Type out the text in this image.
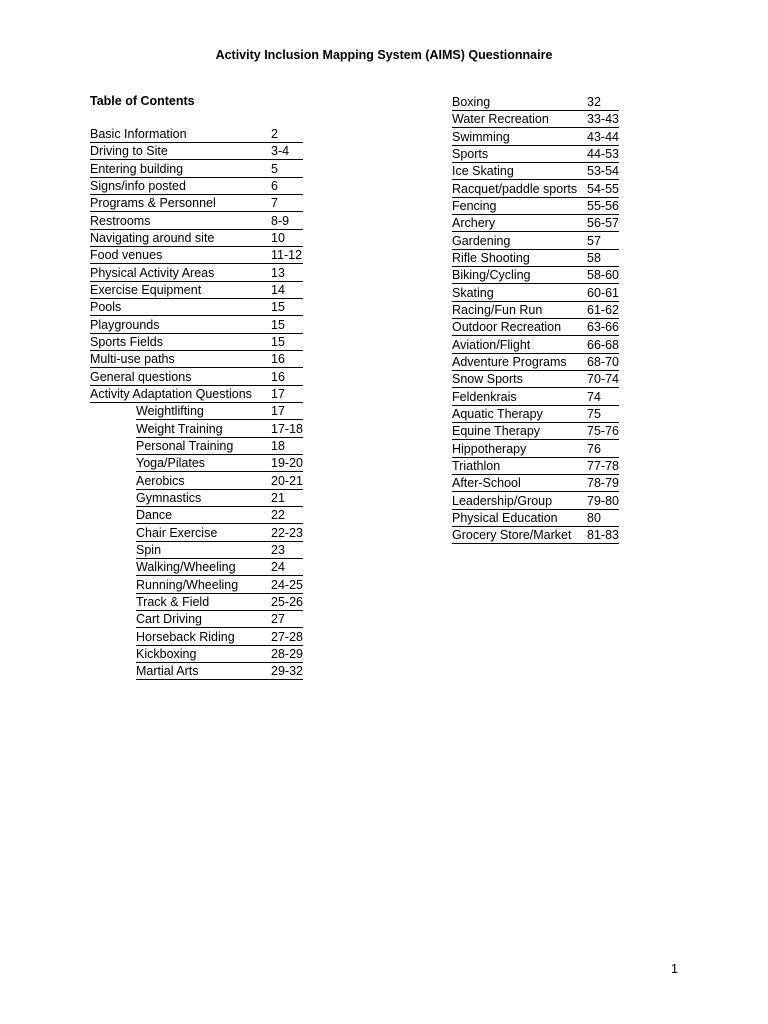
Activity Inclusion Mapping System (AIMS) Questionnaire
Table of Contents
Basic Information	2
Driving to Site	3-4
Entering building	5
Signs/info posted	6
Programs & Personnel	7
Restrooms	8-9
Navigating around site	10
Food venues	11-12
Physical Activity Areas	13
Exercise Equipment	14
Pools	15
Playgrounds	15
Sports Fields	15
Multi-use paths	16
General questions	16
Activity Adaptation Questions	17
Weightlifting	17
Weight Training	17-18
Personal Training	18
Yoga/Pilates	19-20
Aerobics	20-21
Gymnastics	21
Dance	22
Chair Exercise	22-23
Spin	23
Walking/Wheeling	24
Running/Wheeling	24-25
Track & Field	25-26
Cart Driving	27
Horseback Riding	27-28
Kickboxing	28-29
Martial Arts	29-32
Boxing	32
Water Recreation	33-43
Swimming	43-44
Sports	44-53
Ice Skating	53-54
Racquet/paddle sports 54-55
Fencing	55-56
Archery	56-57
Gardening	57
Rifle Shooting	58
Biking/Cycling	58-60
Skating	60-61
Racing/Fun Run	61-62
Outdoor Recreation	63-66
Aviation/Flight	66-68
Adventure Programs	68-70
Snow Sports	70-74
Feldenkrais	74
Aquatic Therapy	75
Equine Therapy	75-76
Hippotherapy	76
Triathlon	77-78
After-School	78-79
Leadership/Group	79-80
Physical Education	80
Grocery Store/Market	81-83
1
